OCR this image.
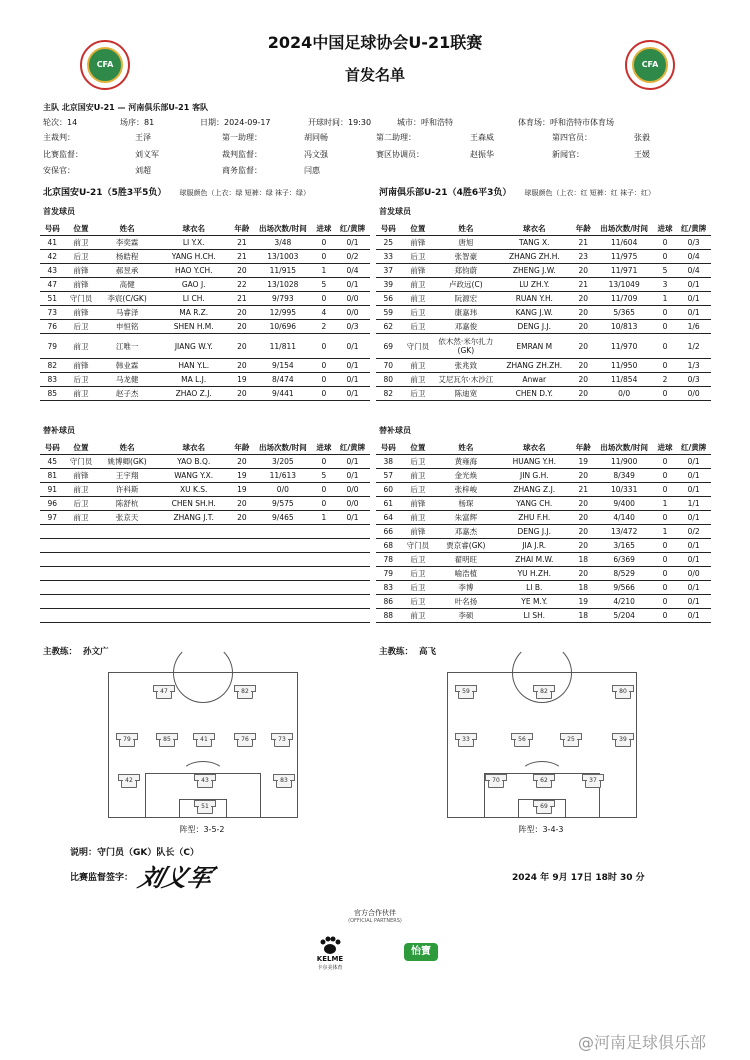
CFA	CFA
2024中国足球协会U-21联赛
首发名单
主队 北京国安U-21 — 河南俱乐部U-21 客队
轮次：14	场序：81	日期：2024-09-17	开球时间：19:30	城市：呼和浩特	体育场：呼和浩特市体育场
主裁判：	王泽	第一助理：	胡同畅	第二助理：	王森威	第四官员：	张毅
比赛监督：	刘义军	裁判监督：	冯文强	赛区协调员：	赵振华	新闻官：	王媛
安保官：	刘超	商务监督：	闫惠
北京国安U-21（5胜3平5负） 球服颜色（上衣：绿 短裤：绿 袜子：绿）	河南俱乐部U-21（4胜6平3负） 球服颜色（上衣：红 短裤：红 袜子：红）
首发球员	首发球员
号码	位置	姓名	球衣名	年龄	出场次数/时间	进球	红/黄牌
41	前卫	李奕霖	LI Y.X.	21	3/48	0	0/1
42	后卫	杨皓程	YANG H.CH.	21	13/1003	0	0/2
43	前锋	郝昱承	HAO Y.CH.	20	11/915	1	0/4
47	前锋	高健	GAO J.	22	13/1028	5	0/1
51	守门员	李宸(C/GK)	LI CH.	21	9/793	0	0/0
73	前锋	马睿泽	MA R.Z.	20	12/995	4	0/0
76	后卫	申恒铭	SHEN H.M.	20	10/696	2	0/3
79	前卫	江唯一	JIANG W.Y.	20	11/811	0	0/1
82	前锋	韩业霖	HAN Y.L.	20	9/154	0	0/1
83	后卫	马龙健	MA L.J.	19	8/474	0	0/1
85	前卫	赵子杰	ZHAO Z.J.	20	9/441	0	0/1
号码	位置	姓名	球衣名	年龄	出场次数/时间	进球	红/黄牌
25	前锋	唐旭	TANG X.	21	11/604	0	0/3
33	后卫	张智豪	ZHANG ZH.H.	23	11/975	0	0/4
37	前锋	郑钧蔚	ZHENG J.W.	20	11/971	5	0/4
39	前卫	卢政远(C)	LU ZH.Y.	21	13/1049	3	0/1
56	前卫	阮源宏	RUAN Y.H.	20	11/709	1	0/1
59	后卫	康嘉玮	KANG J.W.	20	5/365	0	0/1
62	后卫	邓嘉俊	DENG J.J.	20	10/813	0	1/6
69	守门员	依木然·米尔扎力(GK)	EMRAN M	20	11/970	0	1/2
70	前卫	张兆致	ZHANG ZH.ZH.	20	11/950	0	1/3
80	前卫	艾尼瓦尔·木沙江	Anwar	20	11/854	2	0/3
82	后卫	陈迪宽	CHEN D.Y.	20	0/0	0	0/0
替补球员	替补球员
号码	位置	姓名	球衣名	年龄	出场次数/时间	进球	红/黄牌
45	守门员	姚博卿(GK)	YAO B.Q.	20	3/205	0	0/1
81	前锋	王宇翔	WANG Y.X.	19	11/613	5	0/1
91	前卫	许科斯	XU K.S.	19	0/0	0	0/0
96	后卫	陈舒杭	CHEN SH.H.	20	9/575	0	0/0
97	前卫	张京天	ZHANG J.T.	20	9/465	1	0/1

号码	位置	姓名	球衣名	年龄	出场次数/时间	进球	红/黄牌
38	后卫	黄雍海	HUANG Y.H.	19	11/900	0	0/1
57	前卫	金光焕	JIN G.H.	20	8/349	0	0/1
60	后卫	张梓峻	ZHANG Z.J.	21	10/331	0	0/1
61	前锋	杨琛	YANG CH.	20	9/400	1	1/1
64	前卫	朱富辉	ZHU F.H.	20	4/140	0	0/1
66	前锋	邓嘉杰	DENG J.J.	20	13/472	1	0/2
68	守门员	贾京睿(GK)	JIA J.R.	20	3/165	0	0/1
78	后卫	翟明旺	ZHAI M.W.	18	6/369	0	0/1
79	后卫	喻浩植	YU H.ZH.	20	8/529	0	0/0
83	后卫	李博	LI B.	18	9/566	0	0/1
86	后卫	叶名扬	YE M.Y.	19	4/210	0	0/1
88	前卫	李硕	LI SH.	18	5/204	0	0/1
主教练： 孙文广	主教练： 高飞
47	82
79	85	41	76	73
42	43	83
51
阵型：3-5-2
59	82	80
33	56	25	39
70	62	37
69
阵型：3-4-3
说明：守门员（GK）队长（C）
比赛监督签字： 刘义军	2024 年 9月 17日 18时 30 分
官方合作伙伴
(OFFICIAL PARTNERS)
KELME
卡尔美体育
怡寶
@河南足球俱乐部
